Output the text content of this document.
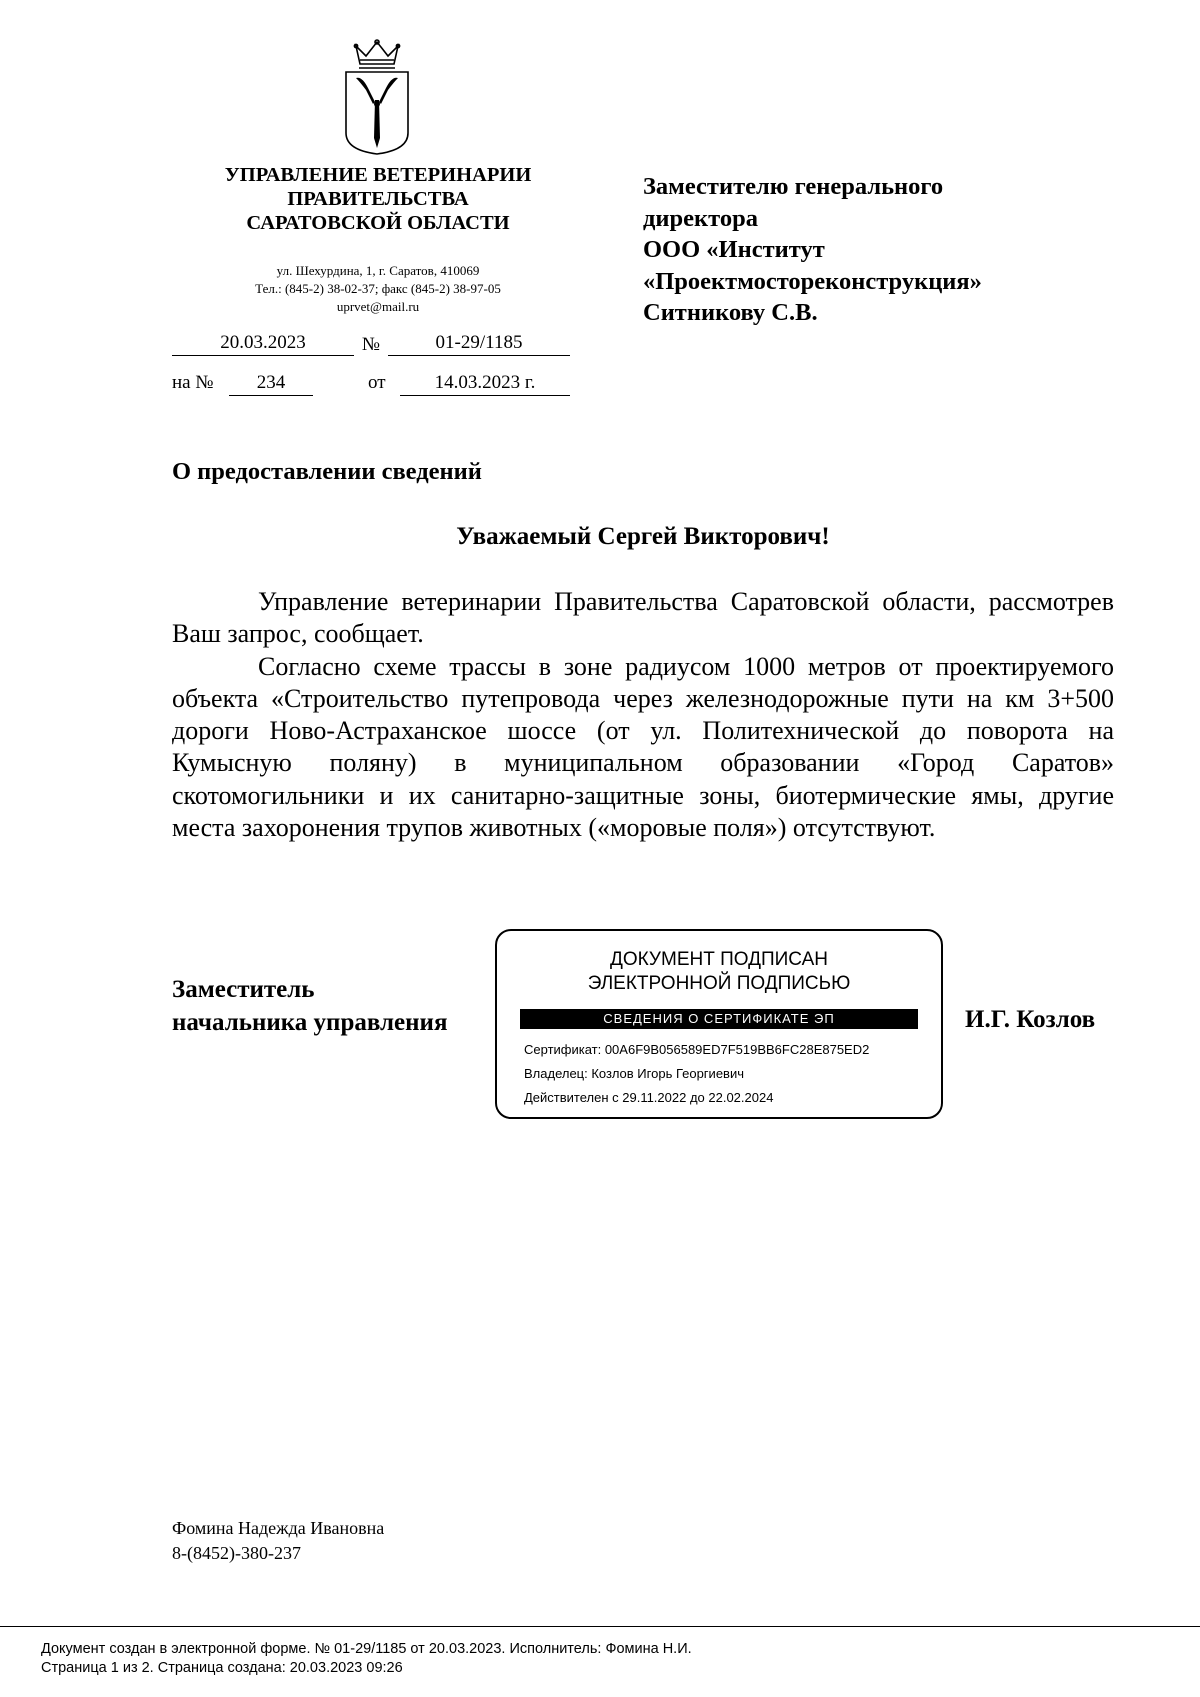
УПРАВЛЕНИЕ ВЕТЕРИНАРИИ
ПРАВИТЕЛЬСТВА
САРАТОВСКОЙ ОБЛАСТИ
ул. Шехурдина, 1, г. Саратов, 410069
Тел.: (845-2) 38-02-37; факс (845-2) 38-97-05
uprvet@mail.ru
20.03.2023	№	01-29/1185
на №	234	от	14.03.2023 г.
Заместителю генерального
директора
ООО «Институт
«Проектмостореконструкция»
Ситникову С.В.
О предоставлении сведений
Уважаемый Сергей Викторович!

Управление ветеринарии Правительства Саратовской области, рассмотрев Ваш запрос, сообщает.

Согласно схеме трассы в зоне радиусом 1000 метров от проектируемого объекта «Строительство путепровода через железнодорожные пути на км 3+500 дороги Ново-Астраханское шоссе (от ул. Политехнической до поворота на Кумысную поляну) в муниципальном образовании «Город Саратов» скотомогильники и их санитарно-защитные зоны, биотермические ямы, другие места захоронения трупов животных («моровые поля») отсутствуют.

Заместитель
начальника управления	И.Г. Козлов
ДОКУМЕНТ ПОДПИСАН
ЭЛЕКТРОННОЙ ПОДПИСЬЮ
СВЕДЕНИЯ О СЕРТИФИКАТЕ ЭП
Сертификат: 00A6F9B056589ED7F519BB6FC28E875ED2
Владелец: Козлов Игорь Георгиевич
Действителен с 29.11.2022 до 22.02.2024
Фомина Надежда Ивановна
8-(8452)-380-237
Документ создан в электронной форме. № 01-29/1185 от 20.03.2023. Исполнитель: Фомина Н.И.
Страница 1 из 2. Страница создана: 20.03.2023 09:26
